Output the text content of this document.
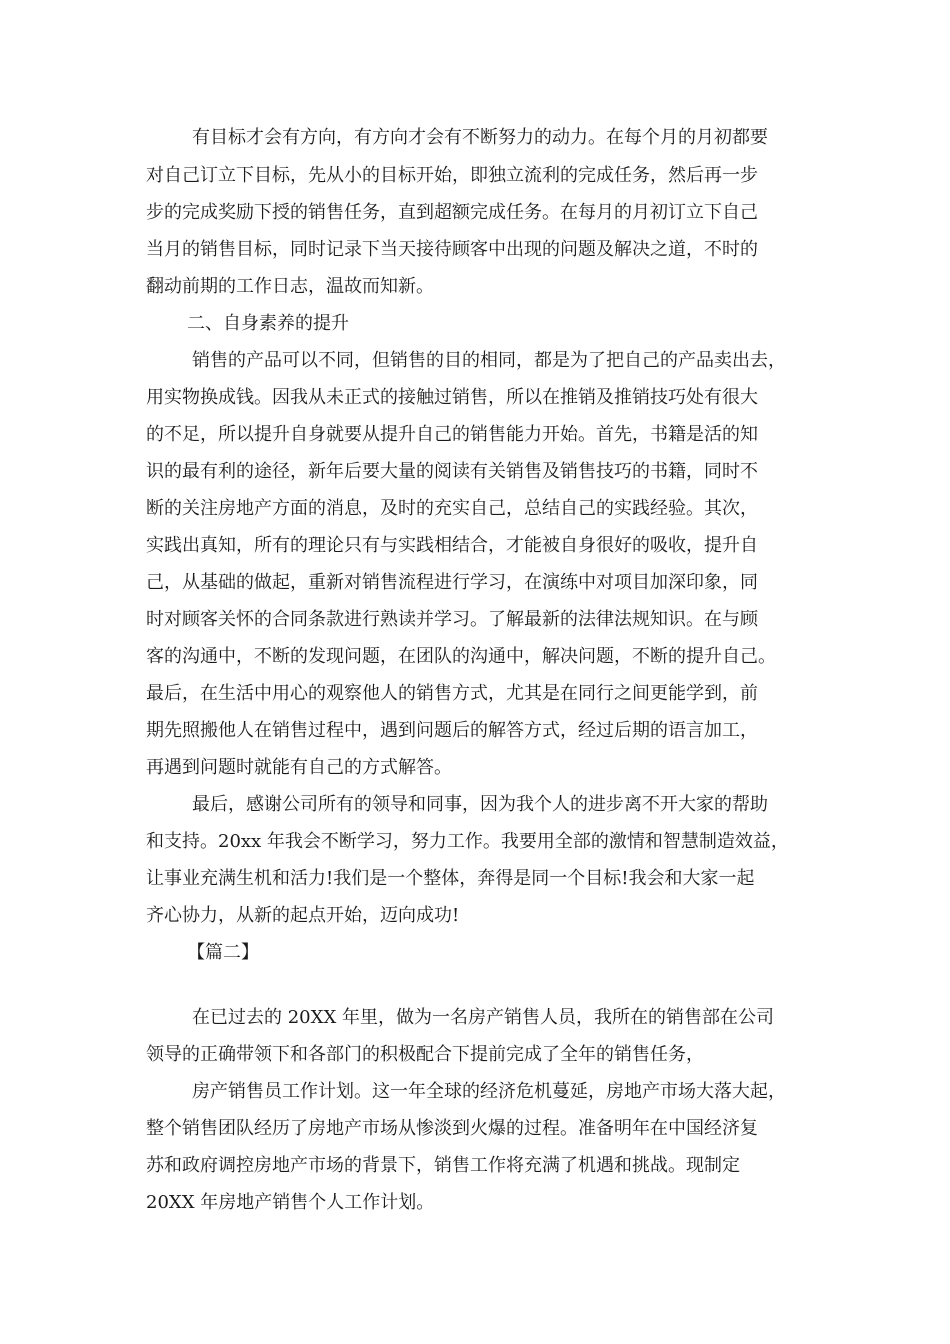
有目标才会有方向，有方向才会有不断努力的动力。在每个月的月初都要
对自己订立下目标，先从小的目标开始，即独立流利的完成任务，然后再一步
步的完成奖励下授的销售任务，直到超额完成任务。在每月的月初订立下自己
当月的销售目标，同时记录下当天接待顾客中出现的问题及解决之道，不时的
翻动前期的工作日志，温故而知新。
二、自身素养的提升
销售的产品可以不同，但销售的目的相同，都是为了把自己的产品卖出去，
用实物换成钱。因我从未正式的接触过销售，所以在推销及推销技巧处有很大
的不足，所以提升自身就要从提升自己的销售能力开始。首先，书籍是活的知
识的最有利的途径，新年后要大量的阅读有关销售及销售技巧的书籍，同时不
断的关注房地产方面的消息，及时的充实自己，总结自己的实践经验。其次，
实践出真知，所有的理论只有与实践相结合，才能被自身很好的吸收，提升自
己，从基础的做起，重新对销售流程进行学习，在演练中对项目加深印象，同
时对顾客关怀的合同条款进行熟读并学习。了解最新的法律法规知识。在与顾
客的沟通中，不断的发现问题，在团队的沟通中，解决问题，不断的提升自己。
最后，在生活中用心的观察他人的销售方式，尤其是在同行之间更能学到，前
期先照搬他人在销售过程中，遇到问题后的解答方式，经过后期的语言加工，
再遇到问题时就能有自己的方式解答。
最后，感谢公司所有的领导和同事，因为我个人的进步离不开大家的帮助
和支持。20xx 年我会不断学习，努力工作。我要用全部的激情和智慧制造效益，
让事业充满生机和活力!我们是一个整体，奔得是同一个目标!我会和大家一起
齐心协力，从新的起点开始，迈向成功!
【篇二】
在已过去的 20XX 年里，做为一名房产销售人员，我所在的销售部在公司
领导的正确带领下和各部门的积极配合下提前完成了全年的销售任务，
房产销售员工作计划。这一年全球的经济危机蔓延，房地产市场大落大起，
整个销售团队经历了房地产市场从惨淡到火爆的过程。准备明年在中国经济复
苏和政府调控房地产市场的背景下，销售工作将充满了机遇和挑战。现制定
20XX 年房地产销售个人工作计划。
